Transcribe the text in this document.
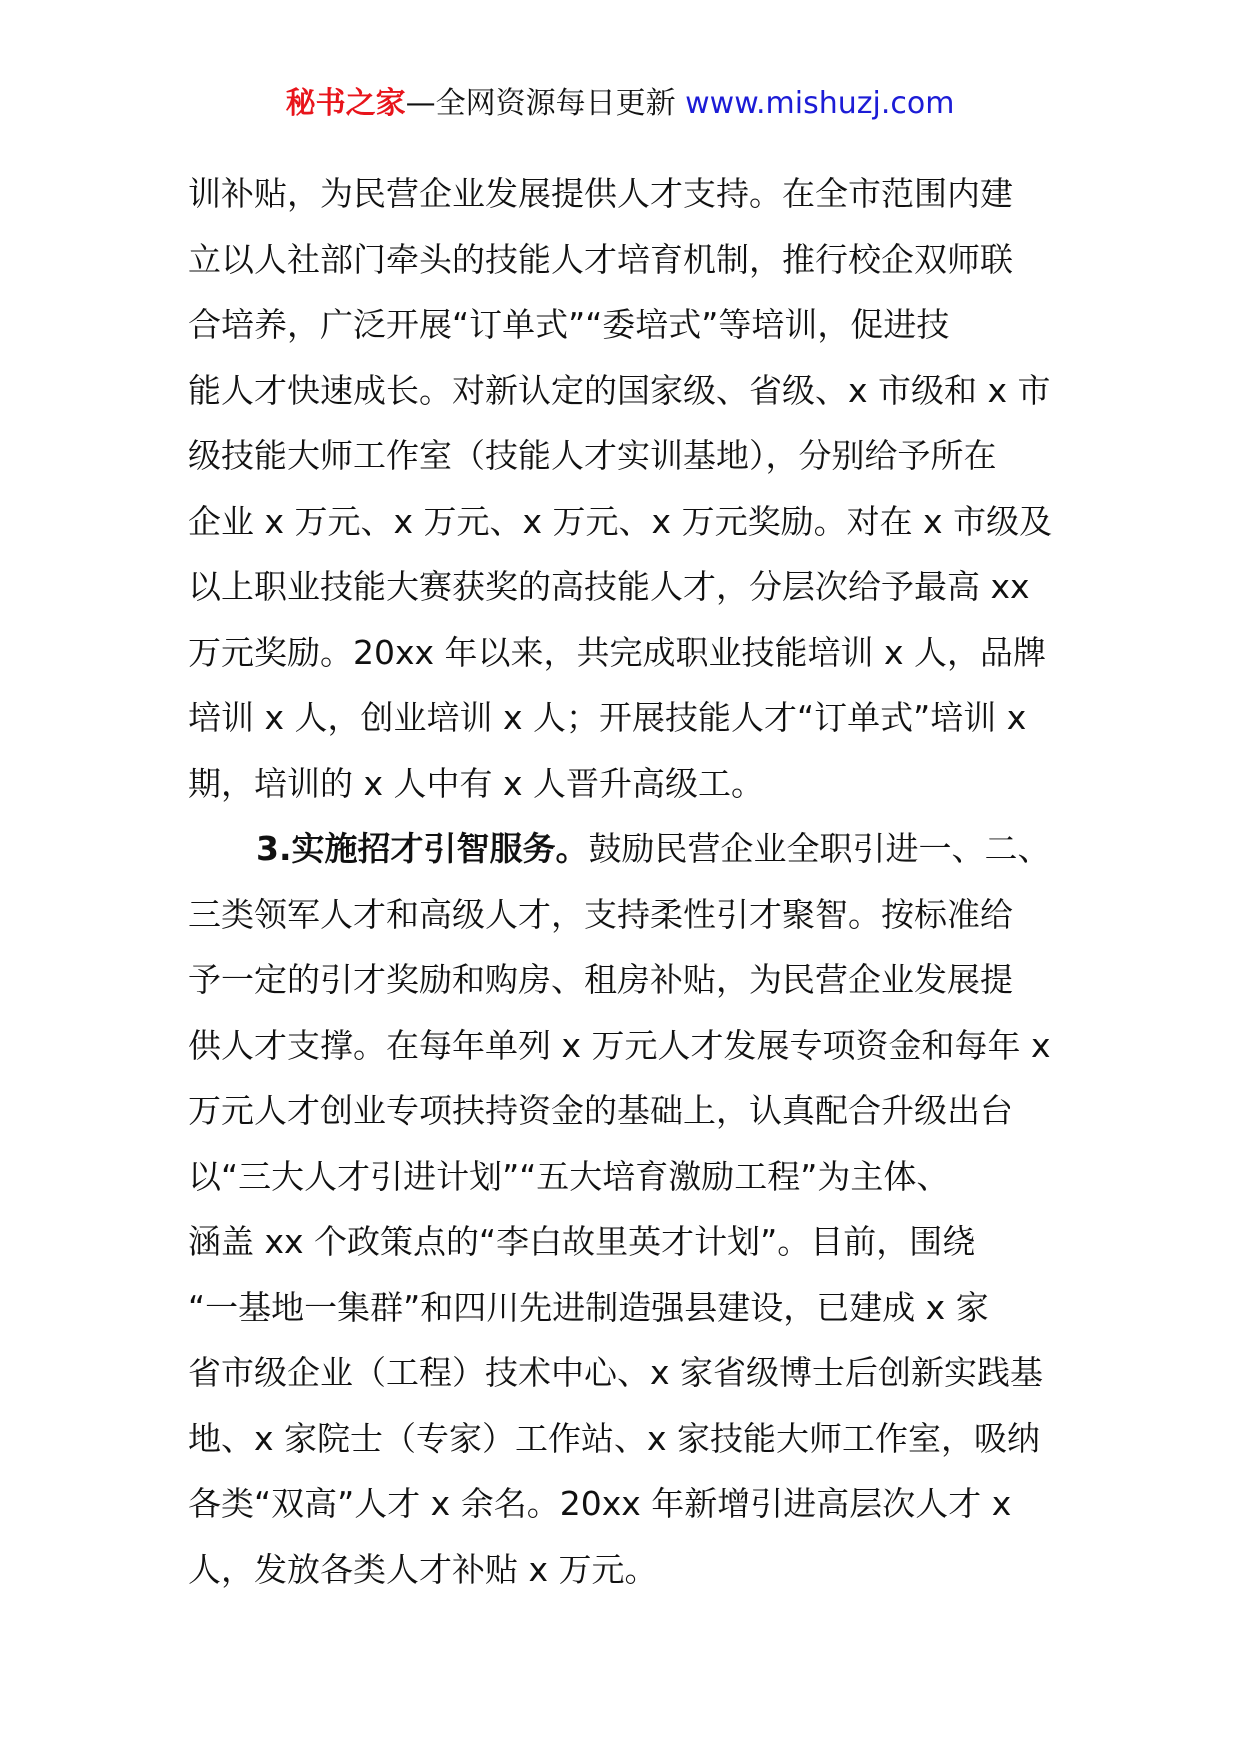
秘书之家—全网资源每日更新 www.mishuzj.com

训补贴，为民营企业发展提供人才支持。在全市范围内建
立以人社部门牵头的技能人才培育机制，推行校企双师联
合培养，广泛开展“订单式”“委培式”等培训，促进技
能人才快速成长。对新认定的国家级、省级、x 市级和 x 市
级技能大师工作室（技能人才实训基地），分别给予所在
企业 x 万元、x 万元、x 万元、x 万元奖励。对在 x 市级及
以上职业技能大赛获奖的高技能人才，分层次给予最高 xx
万元奖励。20xx 年以来，共完成职业技能培训 x 人，品牌
培训 x 人，创业培训 x 人；开展技能人才“订单式”培训 x
期，培训的 x 人中有 x 人晋升高级工。

3.实施招才引智服务。鼓励民营企业全职引进一、二、
三类领军人才和高级人才，支持柔性引才聚智。按标准给
予一定的引才奖励和购房、租房补贴，为民营企业发展提
供人才支撑。在每年单列 x 万元人才发展专项资金和每年 x
万元人才创业专项扶持资金的基础上，认真配合升级出台
以“三大人才引进计划”“五大培育激励工程”为主体、
涵盖 xx 个政策点的“李白故里英才计划”。目前，围绕
“一基地一集群”和四川先进制造强县建设，已建成 x 家
省市级企业（工程）技术中心、x 家省级博士后创新实践基
地、x 家院士（专家）工作站、x 家技能大师工作室，吸纳
各类“双高”人才 x 余名。20xx 年新增引进高层次人才 x
人，发放各类人才补贴 x 万元。
